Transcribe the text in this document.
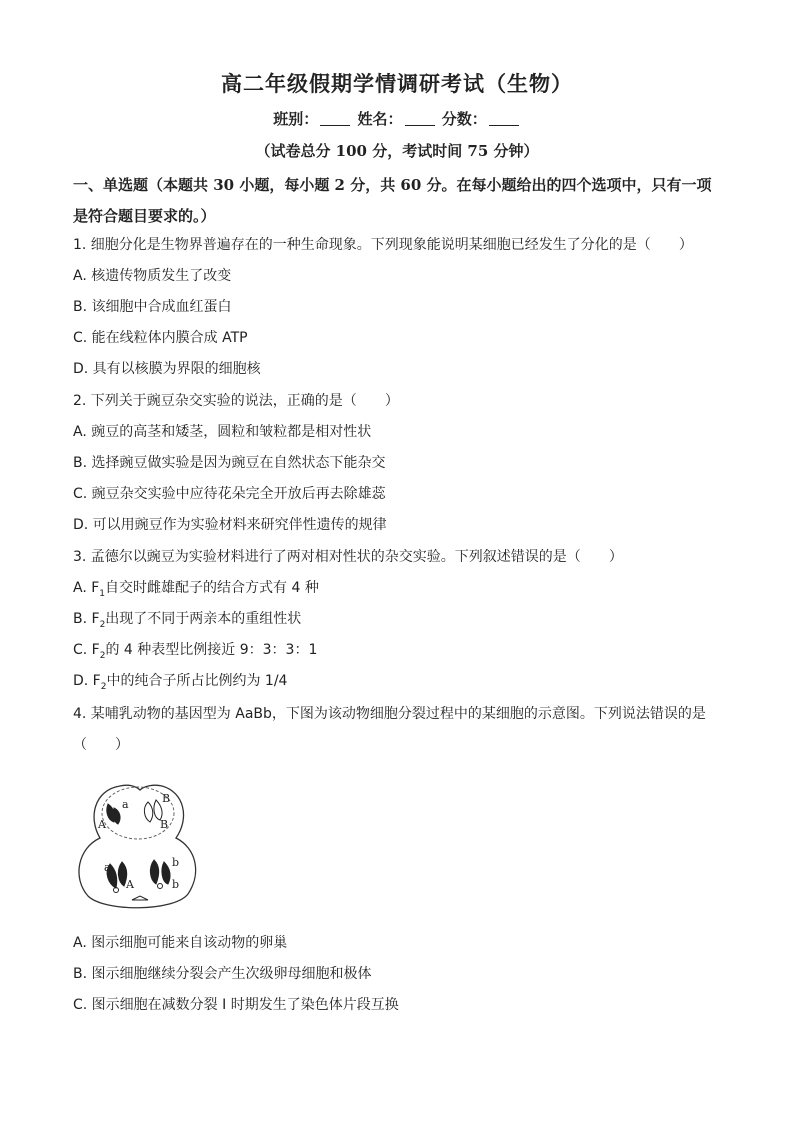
高二年级假期学情调研考试（生物）
班别：	姓名：	分数：
（试卷总分 100 分，考试时间 75 分钟）
一、单选题（本题共 30 小题，每小题 2 分，共 60 分。在每小题给出的四个选项中，只有一项是符合题目要求的。）
1. 细胞分化是生物界普遍存在的一种生命现象。下列现象能说明某细胞已经发生了分化的是（ ）
A. 核遗传物质发生了改变
B. 该细胞中合成血红蛋白
C. 能在线粒体内膜合成 ATP
D. 具有以核膜为界限的细胞核
2. 下列关于豌豆杂交实验的说法，正确的是（ ）
A. 豌豆的高茎和矮茎，圆粒和皱粒都是相对性状
B. 选择豌豆做实验是因为豌豆在自然状态下能杂交
C. 豌豆杂交实验中应待花朵完全开放后再去除雄蕊
D. 可以用豌豆作为实验材料来研究伴性遗传的规律
3. 孟德尔以豌豆为实验材料进行了两对相对性状的杂交实验。下列叙述错误的是（ ）
A. $F_1$自交时雌雄配子的结合方式有 4 种
B. $F_2$出现了不同于两亲本的重组性状
C. $F_2$的 4 种表型比例接近 9：3：3：1
D. $F_2$中的纯合子所占比例约为 1/4
4. 某哺乳动物的基因型为 AaBb，下图为该动物细胞分裂过程中的某细胞的示意图。下列说法错误的是
（ ）
a
A
B
B
a
A
b
b
A. 图示细胞可能来自该动物的卵巢
B. 图示细胞继续分裂会产生次级卵母细胞和极体
C. 图示细胞在减数分裂 I 时期发生了染色体片段互换
